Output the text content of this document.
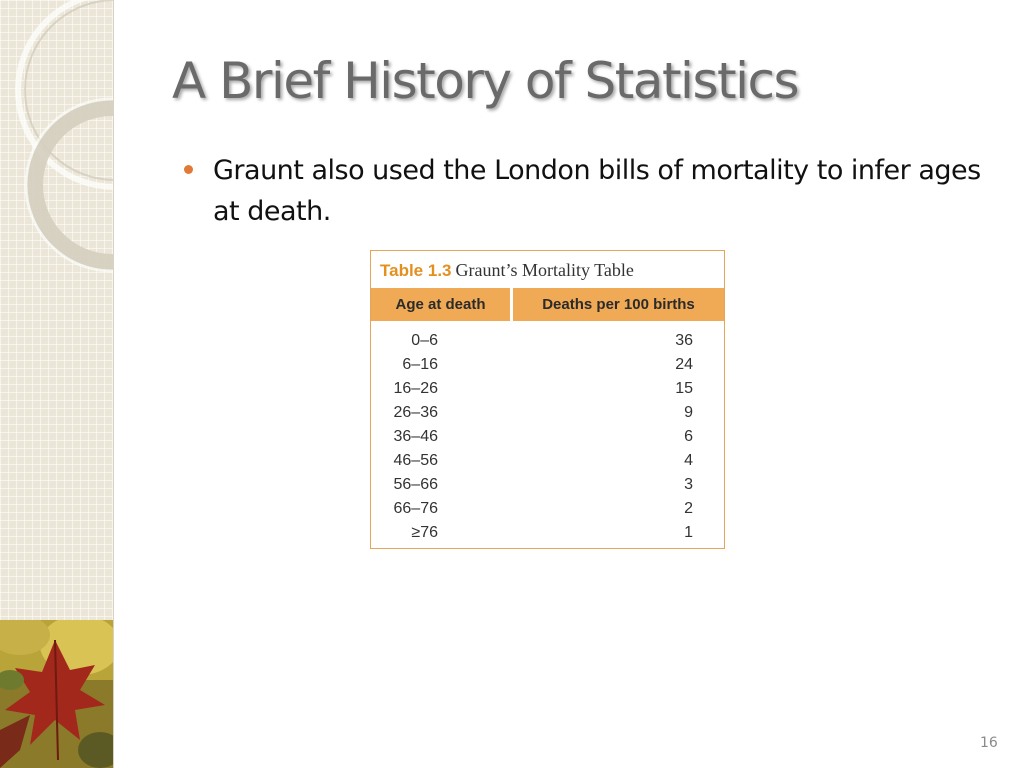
A Brief History of Statistics
Graunt also used the London bills of mortality to infer ages at death.
Table 1.3 Graunt’s Mortality Table
Age at death	Deaths per 100 births
0–6	36
6–16	24
16–26	15
26–36	9
36–46	6
46–56	4
56–66	3
66–76	2
≥76	1
16
